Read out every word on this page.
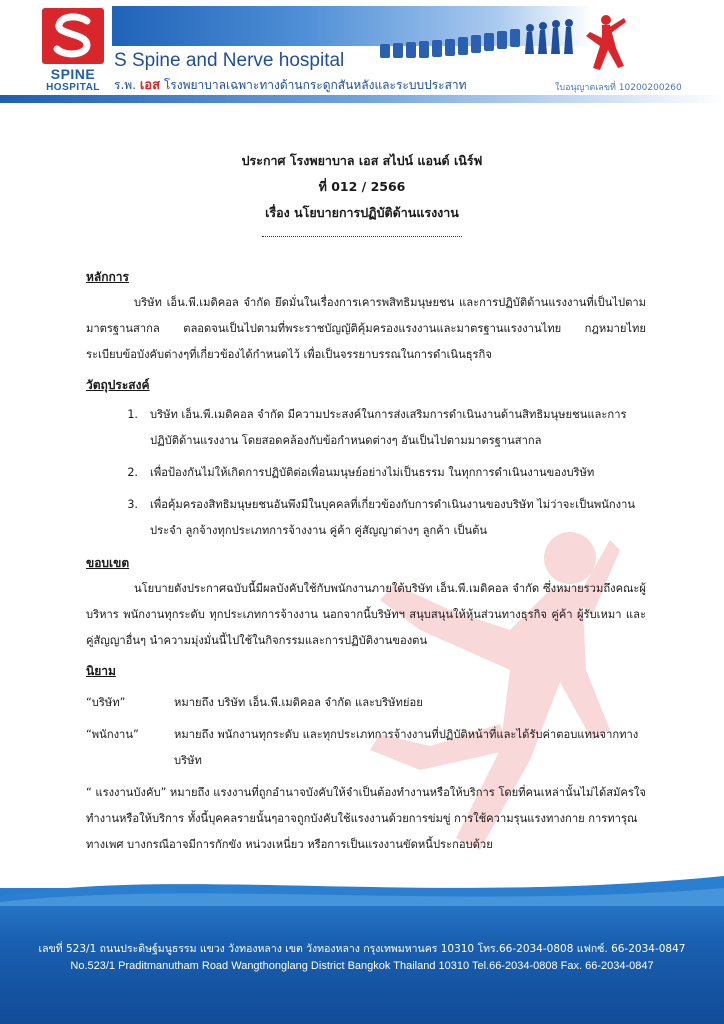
SPINE
HOSPITAL
S Spine and Nerve hospital
ร.พ. เอส โรงพยาบาลเฉพาะทางด้านกระดูกสันหลังและระบบประสาท	ใบอนุญาตเลขที่ 10200200260
ประกาศ โรงพยาบาล เอส สไปน์ แอนด์ เนิร์ฟ
ที่ 012 / 2566
เรื่อง นโยบายการปฏิบัติด้านแรงงาน
หลักการ

บริษัท เอ็น.พี.เมดิคอล จำกัด ยึดมั่นในเรื่องการเคารพสิทธิมนุษยชน และการปฏิบัติด้านแรงงานที่เป็นไปตามมาตรฐานสากล ตลอดจนเป็นไปตามที่พระราชบัญญัติคุ้มครองแรงงานและมาตรฐานแรงงานไทย กฎหมายไทย ระเบียบข้อบังคับต่างๆที่เกี่ยวข้องได้กำหนดไว้ เพื่อเป็นจรรยาบรรณในการดำเนินธุรกิจ

วัตถุประสงค์
1.	บริษัท เอ็น.พี.เมดิคอล จำกัด มีความประสงค์ในการส่งเสริมการดำเนินงานด้านสิทธิมนุษยชนและการปฏิบัติด้านแรงงาน โดยสอดคล้องกับข้อกำหนดต่างๆ อันเป็นไปตามมาตรฐานสากล
2.	เพื่อป้องกันไม่ให้เกิดการปฏิบัติต่อเพื่อนมนุษย์อย่างไม่เป็นธรรม ในทุกการดำเนินงานของบริษัท
3.	เพื่อคุ้มครองสิทธิมนุษยชนอันพึงมีในบุคคลที่เกี่ยวข้องกับการดำเนินงานของบริษัท ไม่ว่าจะเป็นพนักงานประจำ ลูกจ้างทุกประเภทการจ้างงาน คู่ค้า คู่สัญญาต่างๆ ลูกค้า เป็นต้น
ขอบเขต

นโยบายดังประกาศฉบับนี้มีผลบังคับใช้กับพนักงานภายใต้บริษัท เอ็น.พี.เมดิคอล จำกัด ซึ่งหมายรวมถึงคณะผู้บริหาร พนักงานทุกระดับ ทุกประเภทการจ้างงาน นอกจากนี้บริษัทฯ สนุบสนุนให้หุ้นส่วนทางธุรกิจ คู่ค้า ผู้รับเหมา และคู่สัญญาอื่นๆ นำความมุ่งมั่นนี้ไปใช้ในกิจกรรมและการปฏิบัติงานของตน

นิยาม
“บริษัท”	หมายถึง บริษัท เอ็น.พี.เมดิคอล จำกัด และบริษัทย่อย
“พนักงาน”	หมายถึง พนักงานทุกระดับ และทุกประเภทการจ้างงานที่ปฏิบัติหน้าที่และได้รับค่าตอบแทนจากทางบริษัท

“ แรงงานบังคับ” หมายถึง แรงงานที่ถูกอำนาจบังคับให้จำเป็นต้องทำงานหรือให้บริการ โดยที่คนเหล่านั้นไม่ได้สมัครใจทำงานหรือให้บริการ ทั้งนี้บุคคลรายนั้นๆอาจถูกบังคับใช้แรงงานด้วยการข่มขู่ การใช้ความรุนแรงทางกาย การทารุณทางเพศ บางกรณีอาจมีการกักขัง หน่วงเหนี่ยว หรือการเป็นแรงงานขัดหนี้ประกอบด้วย

เลขที่ 523/1 ถนนประดิษฐ์มนูธรรม แขวง วังทองหลาง เขต วังทองหลาง กรุงเทพมหานคร 10310 โทร.66-2034-0808 แฟกซ์. 66-2034-0847
No.523/1 Praditmanutham Road Wangthonglang District Bangkok Thailand 10310 Tel.66-2034-0808 Fax. 66-2034-0847
